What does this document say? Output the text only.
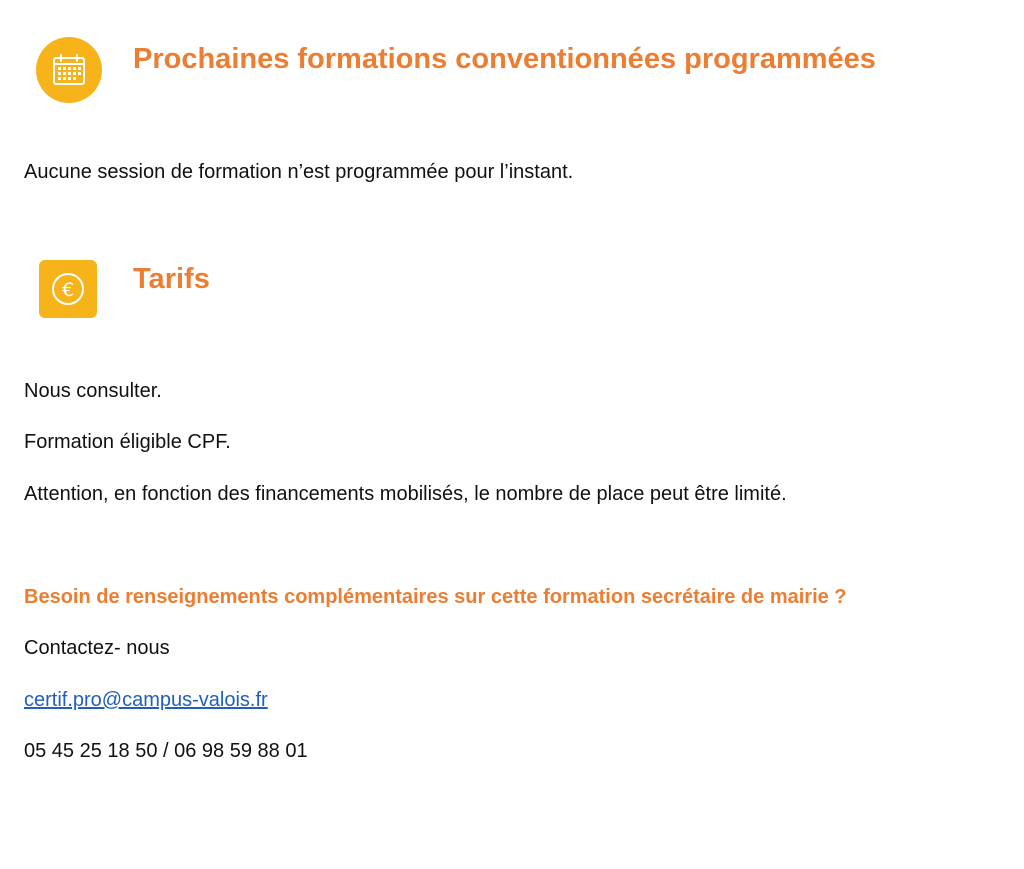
Prochaines formations conventionnées programmées
Aucune session de formation n’est programmée pour l’instant.
€ Tarifs
Nous consulter.
Formation éligible CPF.
Attention, en fonction des financements mobilisés, le nombre de place peut être limité.
Besoin de renseignements complémentaires sur cette formation secrétaire de mairie ?
Contactez- nous
certif.pro@campus-valois.fr
05 45 25 18 50 / 06 98 59 88 01
